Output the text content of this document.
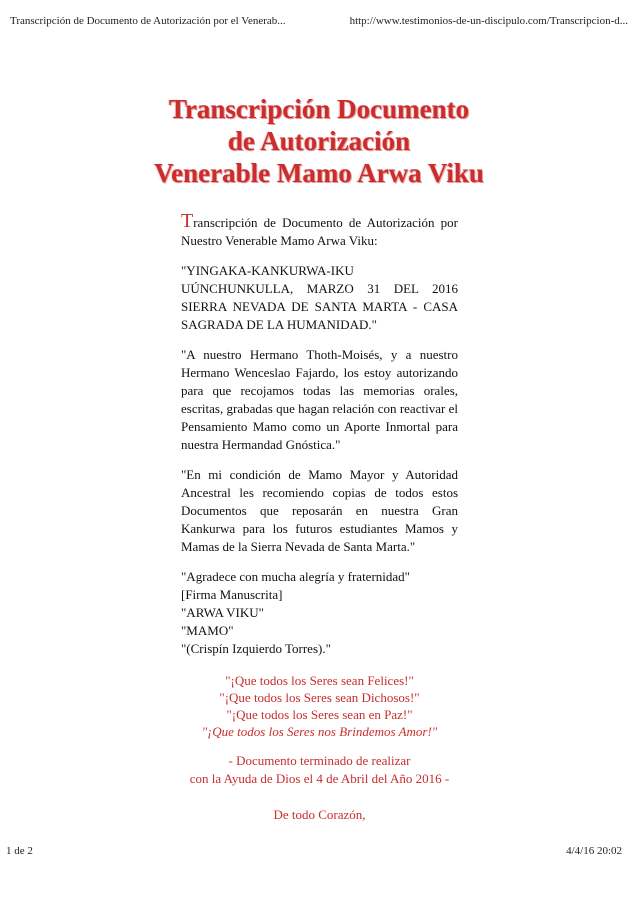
Transcripción de Documento de Autorización por el Venerab...	http://www.testimonios-de-un-discipulo.com/Transcripcion-d...
Transcripción Documento
de Autorización
Venerable Mamo Arwa Viku

Transcripción de Documento de Autorización por Nuestro Venerable Mamo Arwa Viku:

"YINGAKA-KANKURWA-IKU UÚNCHUNKULLA, MARZO 31 DEL 2016 SIERRA NEVADA DE SANTA MARTA - CASA SAGRADA DE LA HUMANIDAD."

"A nuestro Hermano Thoth-Moisés, y a nuestro Hermano Wenceslao Fajardo, los estoy autorizando para que recojamos todas las memorias orales, escritas, grabadas que hagan relación con reactivar el Pensamiento Mamo como un Aporte Inmortal para nuestra Hermandad Gnóstica."

"En mi condición de Mamo Mayor y Autoridad Ancestral les recomiendo copias de todos estos Documentos que reposarán en nuestra Gran Kankurwa para los futuros estudiantes Mamos y Mamas de la Sierra Nevada de Santa Marta."

"Agradece con mucha alegría y fraternidad"
[Firma Manuscrita]
"ARWA VIKU"
"MAMO"
"(Crispín Izquierdo Torres)."
"¡Que todos los Seres sean Felices!"
"¡Que todos los Seres sean Dichosos!"
"¡Que todos los Seres sean en Paz!"
"¡Que todos los Seres nos Brindemos Amor!"
- Documento terminado de realizar
con la Ayuda de Dios el 4 de Abril del Año 2016 -
De todo Corazón,
1 de 2	4/4/16 20:02
